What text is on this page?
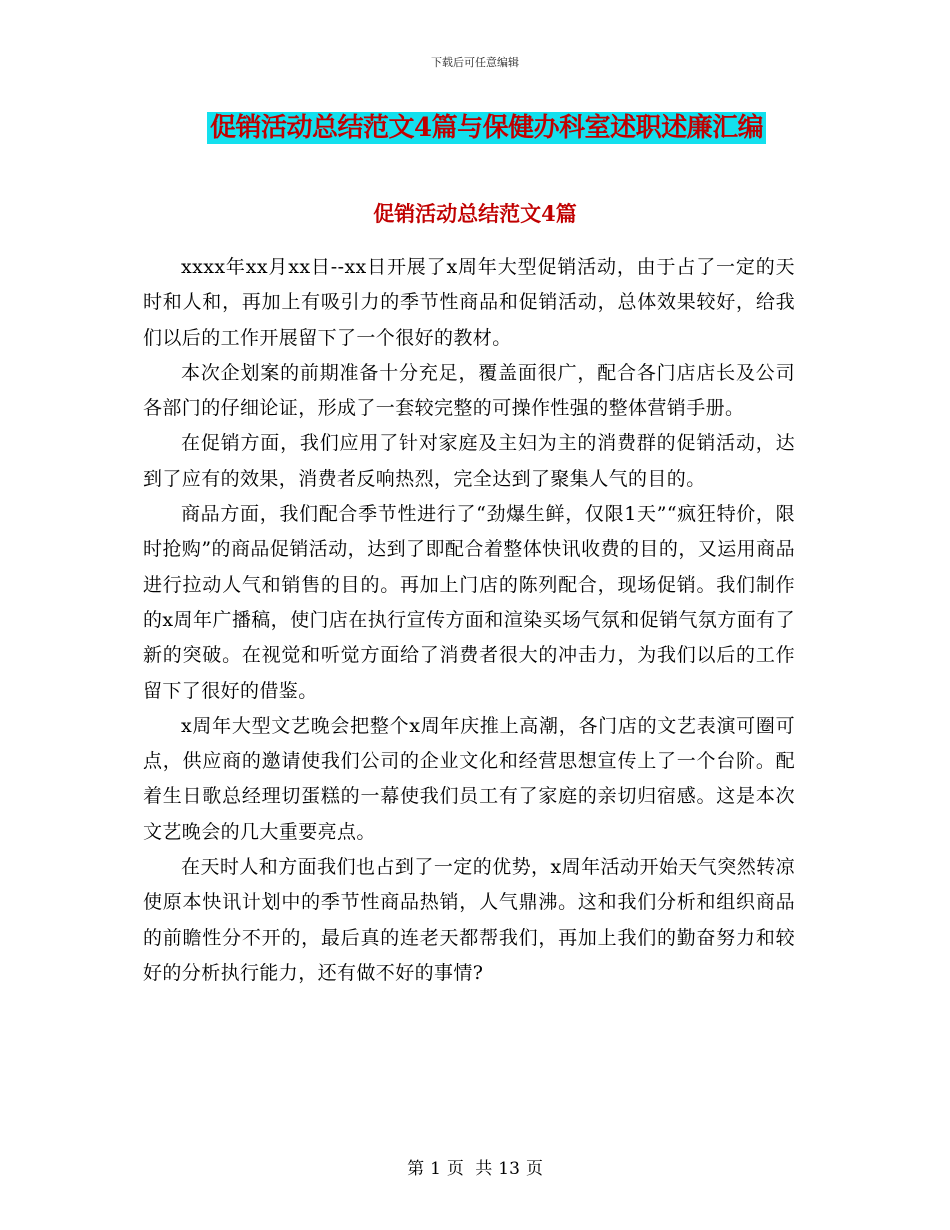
下载后可任意编辑
促销活动总结范文4篇与保健办科室述职述廉汇编
促销活动总结范文4篇

xxxx年xx月xx日--xx日开展了x周年大型促销活动，由于占了一定的天时和人和，再加上有吸引力的季节性商品和促销活动，总体效果较好，给我们以后的工作开展留下了一个很好的教材。

本次企划案的前期准备十分充足，覆盖面很广，配合各门店店长及公司各部门的仔细论证，形成了一套较完整的可操作性强的整体营销手册。

在促销方面，我们应用了针对家庭及主妇为主的消费群的促销活动，达到了应有的效果，消费者反响热烈，完全达到了聚集人气的目的。

商品方面，我们配合季节性进行了“劲爆生鲜，仅限1天”“疯狂特价，限时抢购”的商品促销活动，达到了即配合着整体快讯收费的目的，又运用商品进行拉动人气和销售的目的。再加上门店的陈列配合，现场促销。我们制作的x周年广播稿，使门店在执行宣传方面和渲染买场气氛和促销气氛方面有了新的突破。在视觉和听觉方面给了消费者很大的冲击力，为我们以后的工作留下了很好的借鉴。

x周年大型文艺晚会把整个x周年庆推上高潮，各门店的文艺表演可圈可点，供应商的邀请使我们公司的企业文化和经营思想宣传上了一个台阶。配着生日歌总经理切蛋糕的一幕使我们员工有了家庭的亲切归宿感。这是本次文艺晚会的几大重要亮点。

在天时人和方面我们也占到了一定的优势，x周年活动开始天气突然转凉使原本快讯计划中的季节性商品热销，人气鼎沸。这和我们分析和组织商品的前瞻性分不开的，最后真的连老天都帮我们，再加上我们的勤奋努力和较好的分析执行能力，还有做不好的事情?

第 1 页 共 13 页
